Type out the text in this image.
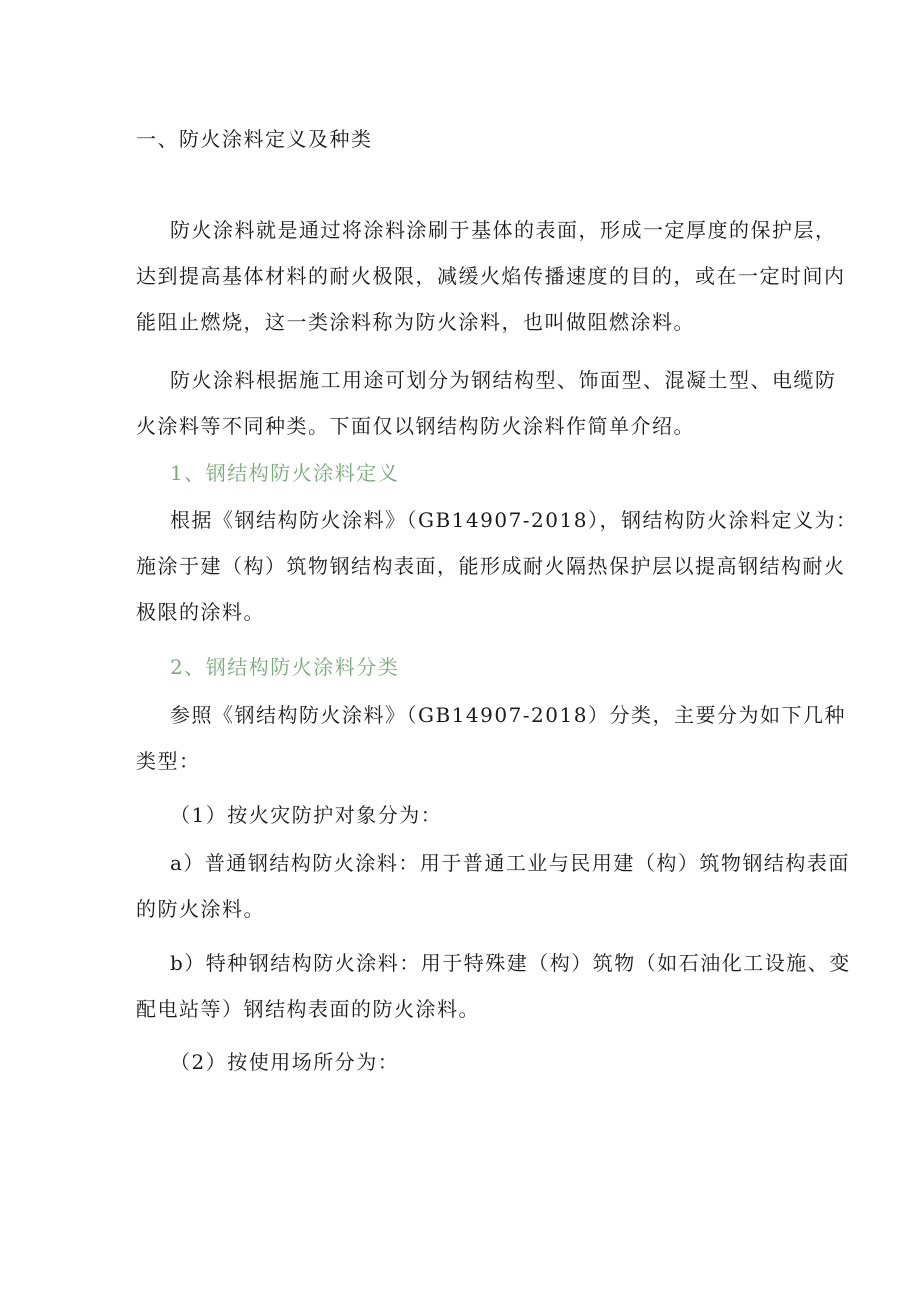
一、防火涂料定义及种类
防火涂料就是通过将涂料涂刷于基体的表面，形成一定厚度的保护层，
达到提高基体材料的耐火极限，减缓火焰传播速度的目的，或在一定时间内
能阻止燃烧，这一类涂料称为防火涂料，也叫做阻燃涂料。
防火涂料根据施工用途可划分为钢结构型、饰面型、混凝土型、电缆防
火涂料等不同种类。下面仅以钢结构防火涂料作简单介绍。
1、钢结构防火涂料定义
根据《钢结构防火涂料》（GB14907-2018），钢结构防火涂料定义为：
施涂于建（构）筑物钢结构表面，能形成耐火隔热保护层以提高钢结构耐火
极限的涂料。
2、钢结构防火涂料分类
参照《钢结构防火涂料》（GB14907-2018）分类，主要分为如下几种
类型：
（1）按火灾防护对象分为：
a）普通钢结构防火涂料：用于普通工业与民用建（构）筑物钢结构表面
的防火涂料。
b）特种钢结构防火涂料：用于特殊建（构）筑物（如石油化工设施、变
配电站等）钢结构表面的防火涂料。
（2）按使用场所分为：
